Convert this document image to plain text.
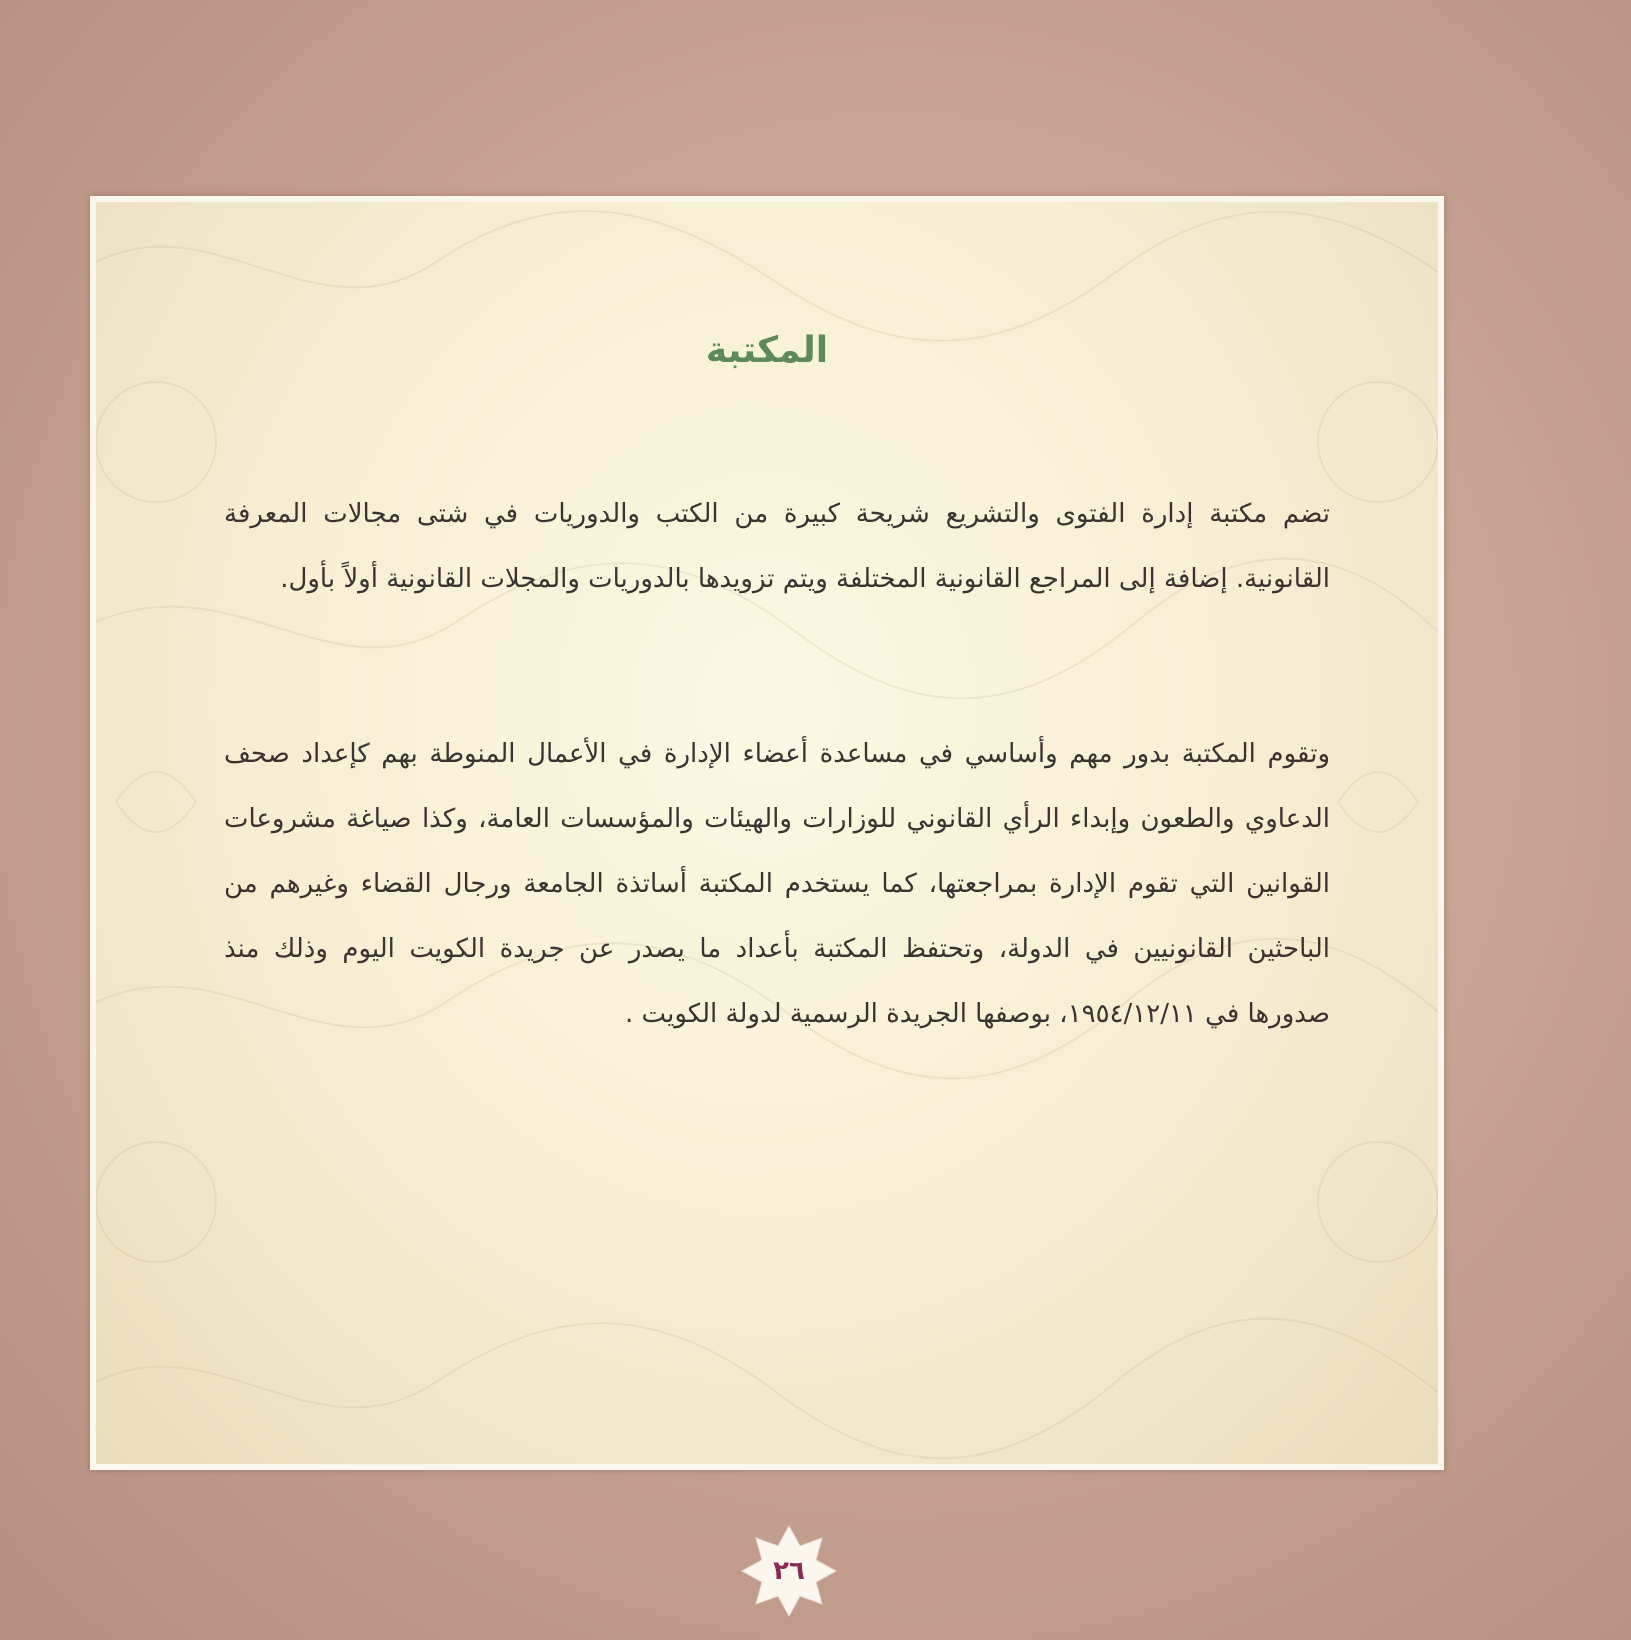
المكتبة

تضم مكتبة إدارة الفتوى والتشريع شريحة كبيرة من الكتب والدوريات في شتى مجالات المعرفة القانونية. إضافة إلى المراجع القانونية المختلفة ويتم تزويدها بالدوريات والمجلات القانونية أولاً بأول.

وتقوم المكتبة بدور مهم وأساسي في مساعدة أعضاء الإدارة في الأعمال المنوطة بهم كإعداد صحف الدعاوي والطعون وإبداء الرأي القانوني للوزارات والهيئات والمؤسسات العامة، وكذا صياغة مشروعات القوانين التي تقوم الإدارة بمراجعتها، كما يستخدم المكتبة أساتذة الجامعة ورجال القضاء وغيرهم من الباحثين القانونيين في الدولة، وتحتفظ المكتبة بأعداد ما يصدر عن جريدة الكويت اليوم وذلك منذ صدورها في ١٩٥٤/١٢/١١، بوصفها الجريدة الرسمية لدولة الكويت .

٢٦
